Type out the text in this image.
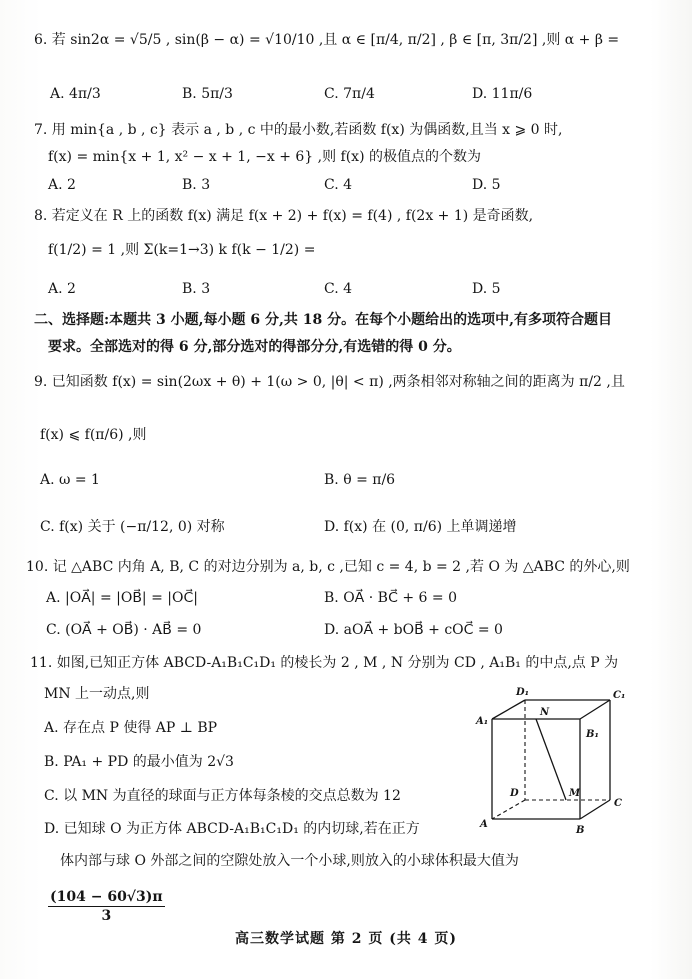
6. 若 sin2α = √5/5 , sin(β − α) = √10/10 ,且 α ∈ [π/4, π/2] , β ∈ [π, 3π/2] ,则 α + β =
A. 4π/3	B. 5π/3	C. 7π/4	D. 11π/6
7. 用 min{a , b , c} 表示 a , b , c 中的最小数,若函数 f(x) 为偶函数,且当 x ⩾ 0 时,
f(x) = min{x + 1, x² − x + 1, −x + 6} ,则 f(x) 的极值点的个数为
A. 2	B. 3	C. 4	D. 5
8. 若定义在 R 上的函数 f(x) 满足 f(x + 2) + f(x) = f(4) , f(2x + 1) 是奇函数,
f(1/2) = 1 ,则 Σ(k=1→3) k f(k − 1/2) =
A. 2	B. 3	C. 4	D. 5
二、选择题:本题共 3 小题,每小题 6 分,共 18 分。在每个小题给出的选项中,有多项符合题目
要求。全部选对的得 6 分,部分选对的得部分分,有选错的得 0 分。
9. 已知函数 f(x) = sin(2ωx + θ) + 1(ω > 0, |θ| < π) ,两条相邻对称轴之间的距离为 π/2 ,且
f(x) ⩽ f(π/6) ,则
A. ω = 1	B. θ = π/6
C. f(x) 关于 (−π/12, 0) 对称	D. f(x) 在 (0, π/6) 上单调递增
10. 记 △ABC 内角 A, B, C 的对边分别为 a, b, c ,已知 c = 4, b = 2 ,若 O 为 △ABC 的外心,则
A. |OA⃗| = |OB⃗| = |OC⃗|	B. OA⃗ · BC⃗ + 6 = 0
C. (OA⃗ + OB⃗) · AB⃗ = 0	D. aOA⃗ + bOB⃗ + cOC⃗ = 0
11. 如图,已知正方体 ABCD-A₁B₁C₁D₁ 的棱长为 2 , M , N 分别为 CD , A₁B₁ 的中点,点 P 为
MN 上一动点,则
A. 存在点 P 使得 AP ⊥ BP
B. PA₁ + PD 的最小值为 2√3
C. 以 MN 为直径的球面与正方体每条棱的交点总数为 12
D. 已知球 O 为正方体 ABCD-A₁B₁C₁D₁ 的内切球,若在正方
体内部与球 O 外部之间的空隙处放入一个小球,则放入的小球体积最大值为
$\frac{(104 - 60√3)\pi}{3}$
D₁	C₁
A₁
N
B₁
D	M
C
A
B
高三数学试题 第 2 页 (共 4 页)
